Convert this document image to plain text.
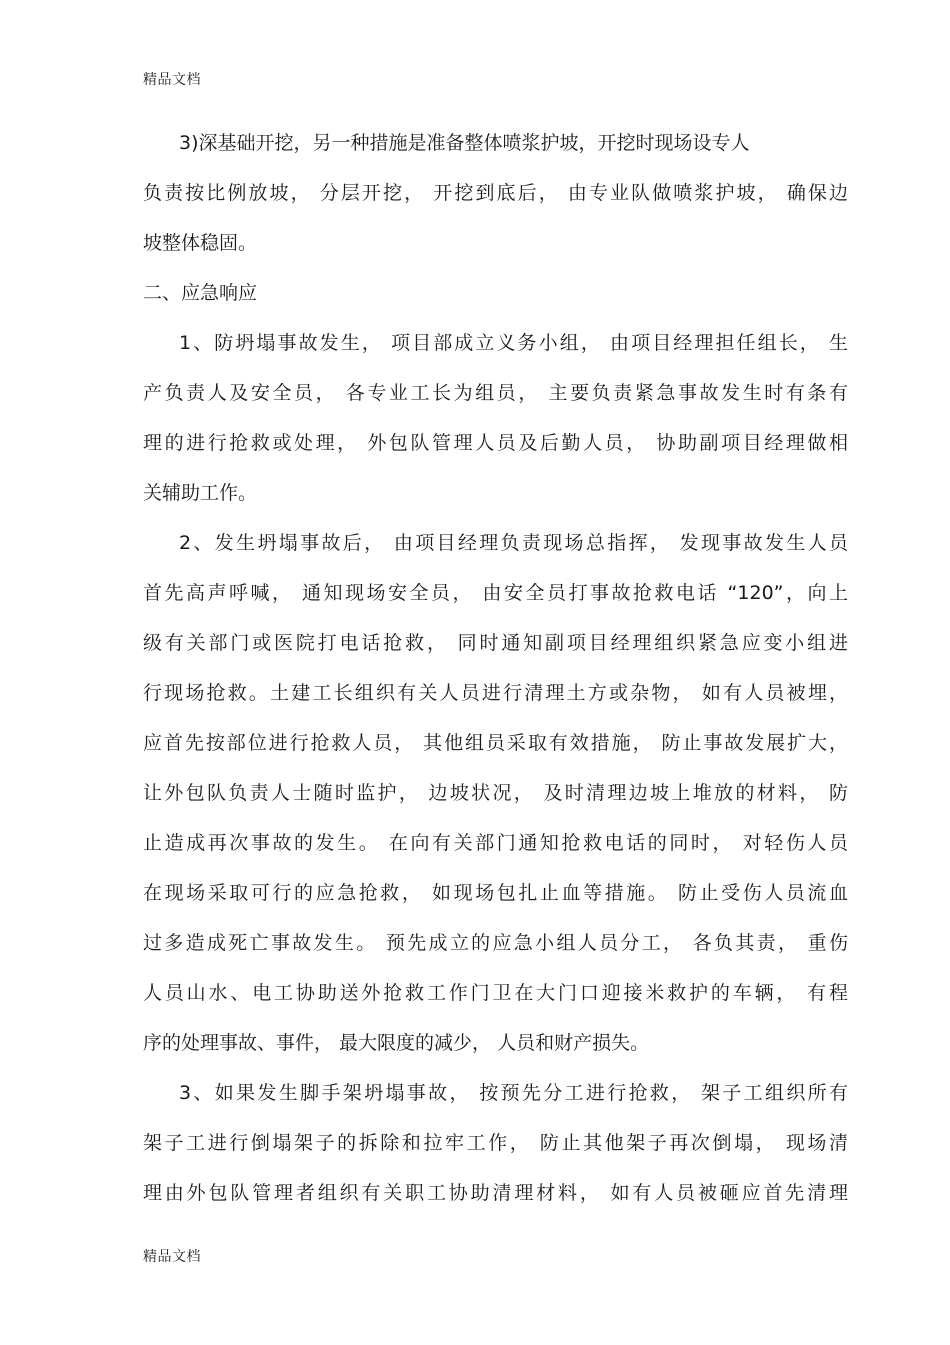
精品文档
3)深基础开挖，另一种措施是准备整体喷浆护坡，开挖时现场设专人
负责按比例放坡， 分层开挖， 开挖到底后， 由专业队做喷浆护坡， 确保边
坡整体稳固。
二、应急响应
1、防坍塌事故发生， 项目部成立义务小组， 由项目经理担任组长， 生
产负责人及安全员， 各专业工长为组员， 主要负责紧急事故发生时有条有
理的进行抢救或处理， 外包队管理人员及后勤人员， 协助副项目经理做相
关辅助工作。
2、发生坍塌事故后， 由项目经理负责现场总指挥， 发现事故发生人员
首先高声呼喊， 通知现场安全员， 由安全员打事故抢救电话 “120”，向上
级有关部门或医院打电话抢救， 同时通知副项目经理组织紧急应变小组进
行现场抢救。土建工长组织有关人员进行清理土方或杂物， 如有人员被埋，
应首先按部位进行抢救人员， 其他组员采取有效措施， 防止事故发展扩大，
让外包队负责人士随时监护， 边坡状况， 及时清理边坡上堆放的材料， 防
止造成再次事故的发生。 在向有关部门通知抢救电话的同时， 对轻伤人员
在现场采取可行的应急抢救， 如现场包扎止血等措施。 防止受伤人员流血
过多造成死亡事故发生。 预先成立的应急小组人员分工， 各负其责， 重伤
人员山水、电工协助送外抢救工作门卫在大门口迎接米救护的车辆， 有程
序的处理事故、事件， 最大限度的减少， 人员和财产损失。
3、如果发生脚手架坍塌事故， 按预先分工进行抢救， 架子工组织所有
架子工进行倒塌架子的拆除和拉牢工作， 防止其他架子再次倒塌， 现场清
理由外包队管理者组织有关职工协助清理材料， 如有人员被砸应首先清理
精品文档
